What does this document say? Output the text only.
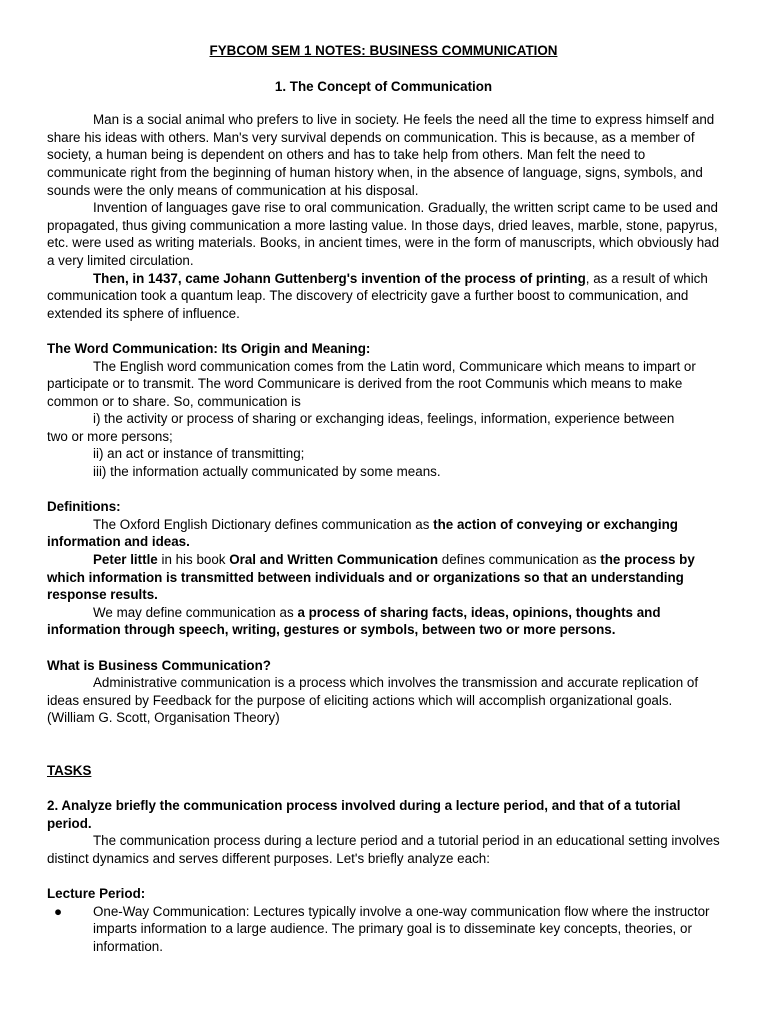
FYBCOM SEM 1 NOTES: BUSINESS COMMUNICATION

1. The Concept of Communication

Man is a social animal who prefers to live in society. He feels the need all the time to express himself and share his ideas with others. Man's very survival depends on communication. This is because, as a member of society, a human being is dependent on others and has to take help from others. Man felt the need to communicate right from the beginning of human history when, in the absence of language, signs, symbols, and sounds were the only means of communication at his disposal.

Invention of languages gave rise to oral communication. Gradually, the written script came to be used and propagated, thus giving communication a more lasting value. In those days, dried leaves, marble, stone, papyrus, etc. were used as writing materials. Books, in ancient times, were in the form of manuscripts, which obviously had a very limited circulation.

Then, in 1437, came Johann Guttenberg's invention of the process of printing, as a result of which communication took a quantum leap. The discovery of electricity gave a further boost to communication, and extended its sphere of influence.

The Word Communication: Its Origin and Meaning:

The English word communication comes from the Latin word, Communicare which means to impart or participate or to transmit. The word Communicare is derived from the root Communis which means to make common or to share. So, communication is

i) the activity or process of sharing or exchanging ideas, feelings, information, experience between

two or more persons;

ii) an act or instance of transmitting;

iii) the information actually communicated by some means.

Definitions:

The Oxford English Dictionary defines communication as the action of conveying or exchanging information and ideas.

Peter little in his book Oral and Written Communication defines communication as the process by which information is transmitted between individuals and or organizations so that an understanding response results.

We may define communication as a process of sharing facts, ideas, opinions, thoughts and information through speech, writing, gestures or symbols, between two or more persons.

What is Business Communication?

Administrative communication is a process which involves the transmission and accurate replication of ideas ensured by Feedback for the purpose of eliciting actions which will accomplish organizational goals. (William G. Scott, Organisation Theory)

TASKS

2. Analyze briefly the communication process involved during a lecture period, and that of a tutorial period.

The communication process during a lecture period and a tutorial period in an educational setting involves distinct dynamics and serves different purposes. Let's briefly analyze each:

Lecture Period:

● One-Way Communication: Lectures typically involve a one-way communication flow where the instructor imparts information to a large audience. The primary goal is to disseminate key concepts, theories, or information.
